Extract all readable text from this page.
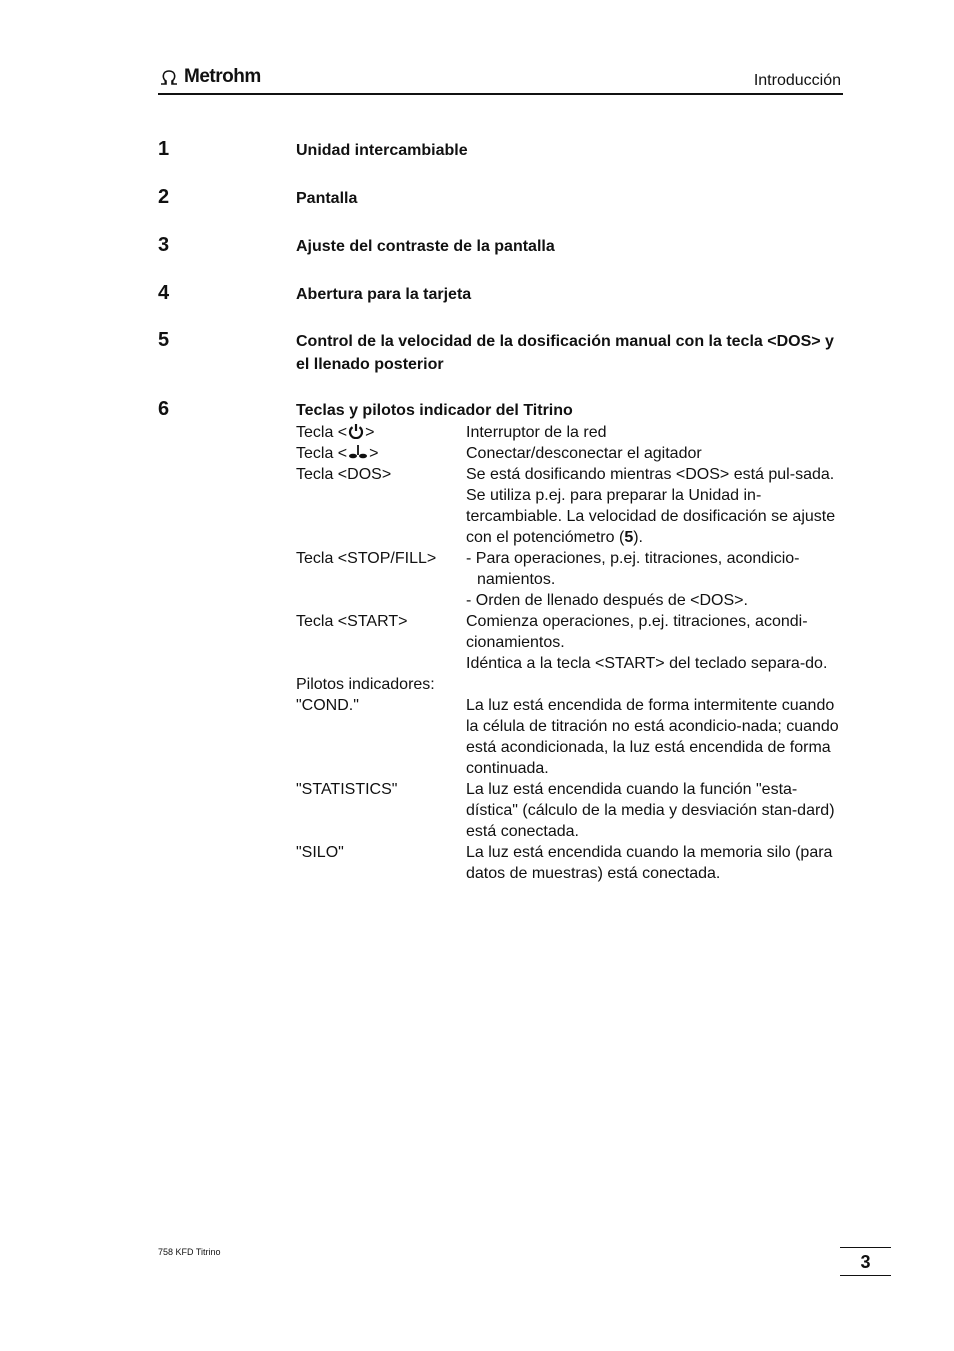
Metrohm	Introducción
1	Unidad intercambiable
2	Pantalla
3	Ajuste del contraste de la pantalla
4	Abertura para la tarjeta
5	Control de la velocidad de la dosificación manual con la tecla <DOS> y el llenado posterior
6	Teclas y pilotos indicador del Titrino
Tecla < >	Interruptor de la red
Tecla < >	Conectar/desconectar el agitador
Tecla <DOS>	Se está dosificando mientras <DOS> está pul-sada. Se utiliza p.ej. para preparar la Unidad in-tercambiable. La velocidad de dosificación se ajuste con el potenciómetro (5).
Tecla <STOP/FILL>	- Para operaciones, p.ej. titraciones, acondicio-namientos.
- Orden de llenado después de <DOS>.
Tecla <START>	Comienza operaciones, p.ej. titraciones, acondi-cionamientos.
Idéntica a la tecla <START> del teclado separa-do.
Pilotos indicadores:
"COND."	La luz está encendida de forma intermitente cuando la célula de titración no está acondicio-nada; cuando está acondicionada, la luz está encendida de forma continuada.
"STATISTICS"	La luz está encendida cuando la función "esta-dística" (cálculo de la media y desviación stan-dard) está conectada.
"SILO"	La luz está encendida cuando la memoria silo (para datos de muestras) está conectada.
758 KFD Titrino	3
